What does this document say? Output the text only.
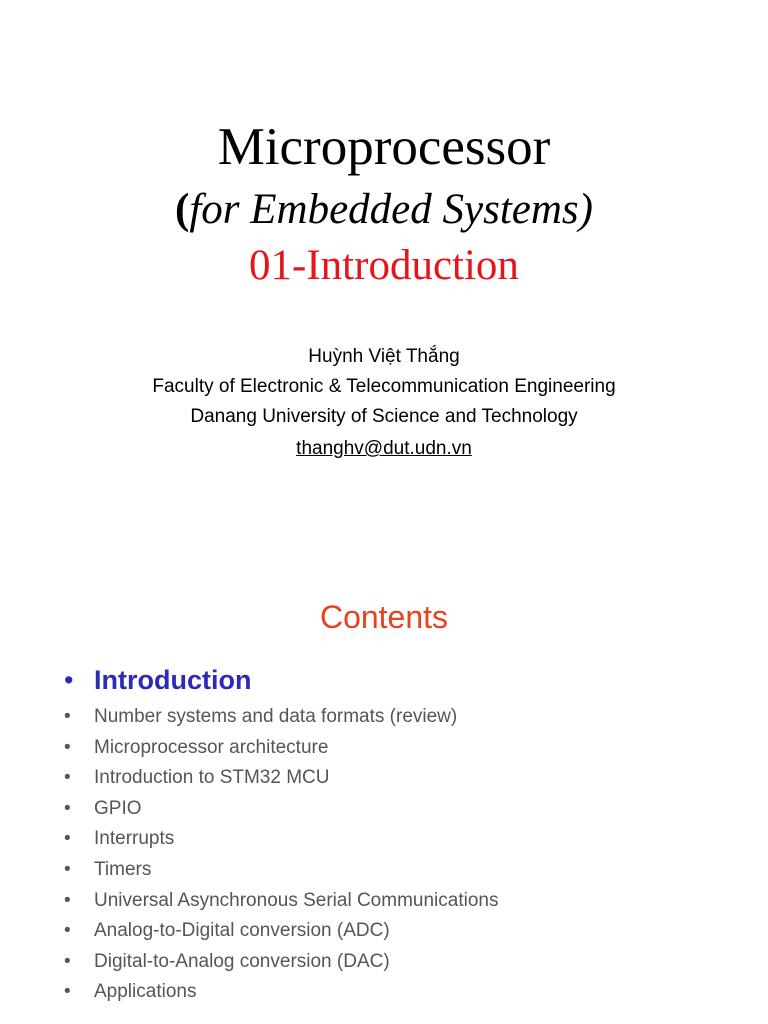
Microprocessor
(for Embedded Systems)
01-Introduction
Huỳnh Việt Thắng
Faculty of Electronic & Telecommunication Engineering
Danang University of Science and Technology
thanghv@dut.udn.vn
Contents
• Introduction
• Number systems and data formats (review)
• Microprocessor architecture
• Introduction to STM32 MCU
• GPIO
• Interrupts
• Timers
• Universal Asynchronous Serial Communications
• Analog-to-Digital conversion (ADC)
• Digital-to-Analog conversion (DAC)
• Applications
